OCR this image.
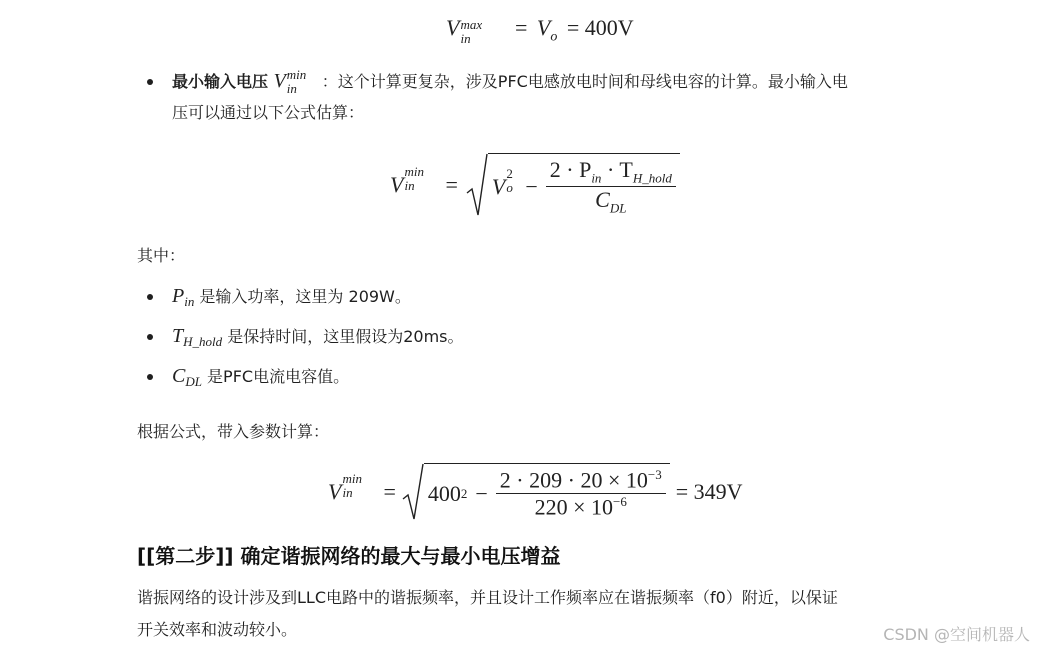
V max
in = $V_o = 400V$
最小输入电压 V min
in ：这个计算更复杂，涉及PFC电感放电时间和母线电容的计算。最小输入电
压可以通过以下公式估算：
V
min
in = V
2
$o - \frac{2 \cdot P_{in} \cdot T_{H\_hold}}{C_{DL}}$
其中：
$P_{in}$ 是输入功率，这里为 209W。
$T_{H\_hold}$ 是保持时间，这里假设为20ms。
$C_{DL}$ 是PFC电流电容值。
根据公式，带入参数计算：
V
min
in = 400 $2 - \frac{2 \cdot 209 \cdot 20 \times 10^{-3}}{220 \times 10^{-6}} = 349V$
[[第二步]] 确定谐振网络的最大与最小电压增益
谐振网络的设计涉及到LLC电路中的谐振频率，并且设计工作频率应在谐振频率（f0）附近，以保证
开关效率和波动较小。	CSDN @空间机器人
